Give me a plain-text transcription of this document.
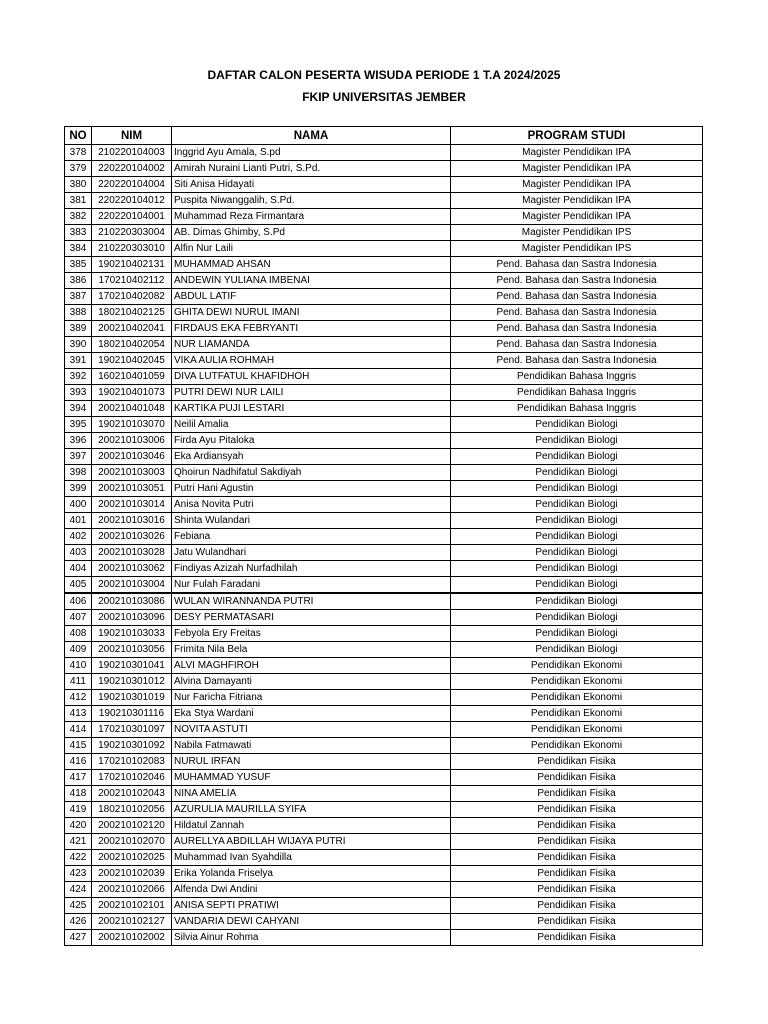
DAFTAR CALON PESERTA WISUDA PERIODE 1 T.A 2024/2025
FKIP UNIVERSITAS JEMBER
NO	NIM	NAMA	PROGRAM STUDI
378	210220104003	Inggrid Ayu Amala, S.pd	Magister Pendidikan IPA
379	220220104002	Amirah Nuraini Lianti Putri, S.Pd.	Magister Pendidikan IPA
380	220220104004	Siti Anisa Hidayati	Magister Pendidikan IPA
381	220220104012	Puspita Niwanggalih, S.Pd.	Magister Pendidikan IPA
382	220220104001	Muhammad Reza Firmantara	Magister Pendidikan IPA
383	210220303004	AB. Dimas Ghimby, S.Pd	Magister Pendidikan IPS
384	210220303010	Alfin Nur Laili	Magister Pendidikan IPS
385	190210402131	MUHAMMAD AHSAN	Pend. Bahasa dan Sastra Indonesia
386	170210402112	ANDEWIN YULIANA IMBENAI	Pend. Bahasa dan Sastra Indonesia
387	170210402082	ABDUL LATIF	Pend. Bahasa dan Sastra Indonesia
388	180210402125	GHITA DEWI NURUL IMANI	Pend. Bahasa dan Sastra Indonesia
389	200210402041	FIRDAUS EKA FEBRYANTI	Pend. Bahasa dan Sastra Indonesia
390	180210402054	NUR LIAMANDA	Pend. Bahasa dan Sastra Indonesia
391	190210402045	VIKA AULIA ROHMAH	Pend. Bahasa dan Sastra Indonesia
392	160210401059	DIVA LUTFATUL KHAFIDHOH	Pendidikan Bahasa Inggris
393	190210401073	PUTRI DEWI NUR LAILI	Pendidikan Bahasa Inggris
394	200210401048	KARTIKA PUJI LESTARI	Pendidikan Bahasa Inggris
395	190210103070	Neilil Amalia	Pendidikan Biologi
396	200210103006	Firda Ayu Pitaloka	Pendidikan Biologi
397	200210103046	Eka Ardiansyah	Pendidikan Biologi
398	200210103003	Qhoirun Nadhifatul Sakdiyah	Pendidikan Biologi
399	200210103051	Putri Hani Agustin	Pendidikan Biologi
400	200210103014	Anisa Novita Putri	Pendidikan Biologi
401	200210103016	Shinta Wulandari	Pendidikan Biologi
402	200210103026	Febiana	Pendidikan Biologi
403	200210103028	Jatu Wulandhari	Pendidikan Biologi
404	200210103062	Findiyas Azizah Nurfadhilah	Pendidikan Biologi
405	200210103004	Nur Fulah Faradani	Pendidikan Biologi
406	200210103086	WULAN WIRANNANDA PUTRI	Pendidikan Biologi
407	200210103096	DESY PERMATASARI	Pendidikan Biologi
408	190210103033	Febyola Ery Freitas	Pendidikan Biologi
409	200210103056	Frimita Nila Bela	Pendidikan Biologi
410	190210301041	ALVI MAGHFIROH	Pendidikan Ekonomi
411	190210301012	Alvina Damayanti	Pendidikan Ekonomi
412	190210301019	Nur Faricha Fitriana	Pendidikan Ekonomi
413	190210301116	Eka Stya Wardani	Pendidikan Ekonomi
414	170210301097	NOVITA ASTUTI	Pendidikan Ekonomi
415	190210301092	Nabila Fatmawati	Pendidikan Ekonomi
416	170210102083	NURUL IRFAN	Pendidikan Fisika
417	170210102046	MUHAMMAD YUSUF	Pendidikan Fisika
418	200210102043	NINA AMELIA	Pendidikan Fisika
419	180210102056	AZURULIA MAURILLA SYIFA	Pendidikan Fisika
420	200210102120	Hildatul Zannah	Pendidikan Fisika
421	200210102070	AURELLYA ABDILLAH WIJAYA PUTRI	Pendidikan Fisika
422	200210102025	Muhammad Ivan Syahdilla	Pendidikan Fisika
423	200210102039	Erika Yolanda Friselya	Pendidikan Fisika
424	200210102066	Alfenda Dwi Andini	Pendidikan Fisika
425	200210102101	ANISA SEPTI PRATIWI	Pendidikan Fisika
426	200210102127	VANDARIA DEWI CAHYANI	Pendidikan Fisika
427	200210102002	Silvia Ainur Rohma	Pendidikan Fisika
